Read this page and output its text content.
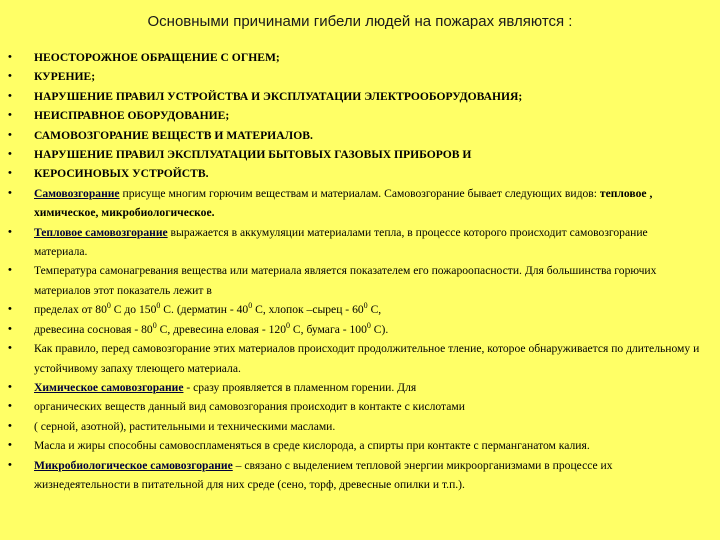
Основными причинами гибели людей на пожарах являются :
• НЕОСТОРОЖНОЕ ОБРАЩЕНИЕ С ОГНЕМ;
• КУРЕНИЕ;
• НАРУШЕНИЕ ПРАВИЛ УСТРОЙСТВА И ЭКСПЛУАТАЦИИ ЭЛЕКТРООБОРУДОВАНИЯ;
• НЕИСПРАВНОЕ ОБОРУДОВАНИЕ;
• САМОВОЗГОРАНИЕ ВЕЩЕСТВ И МАТЕРИАЛОВ.
• НАРУШЕНИЕ ПРАВИЛ ЭКСПЛУАТАЦИИ БЫТОВЫХ ГАЗОВЫХ ПРИБОРОВ И
• КЕРОСИНОВЫХ УСТРОЙСТВ.
• Самовозгорание присуще многим горючим веществам и материалам. Самовозгорание бывает следующих видов: тепловое , химическое, микробиологическое.
• Тепловое самовозгорание выражается в аккумуляции материалами тепла, в процессе которого происходит самовозгорание материала.
• Температура самонагревания вещества или материала является показателем его пожароопасности. Для большинства горючих материалов этот показатель лежит в
• пределах от $80^0$ С до $150^0$ С. (дерматин - $40^0$ С, хлопок –сырец - $60^0$ С,
• древесина сосновая - $80^0$ С, древесина еловая - $120^0$ С, бумага - $100^0$ С).
• Как правило, перед самовозгорание этих материалов происходит продолжительное тление, которое обнаруживается по длительному и устойчивому запаху тлеющего материала.
• Химическое самовозгорание - сразу проявляется в пламенном горении. Для
• органических веществ данный вид самовозгорания происходит в контакте с кислотами
• ( серной, азотной), растительными и техническими маслами.
• Масла и жиры способны самовоспламеняться в среде кислорода, а спирты при контакте с перманганатом калия.
• Микробиологическое самовозгорание – связано с выделением тепловой энергии микроорганизмами в процессе их жизнедеятельности в питательной для них среде (сено, торф, древесные опилки и т.п.).
